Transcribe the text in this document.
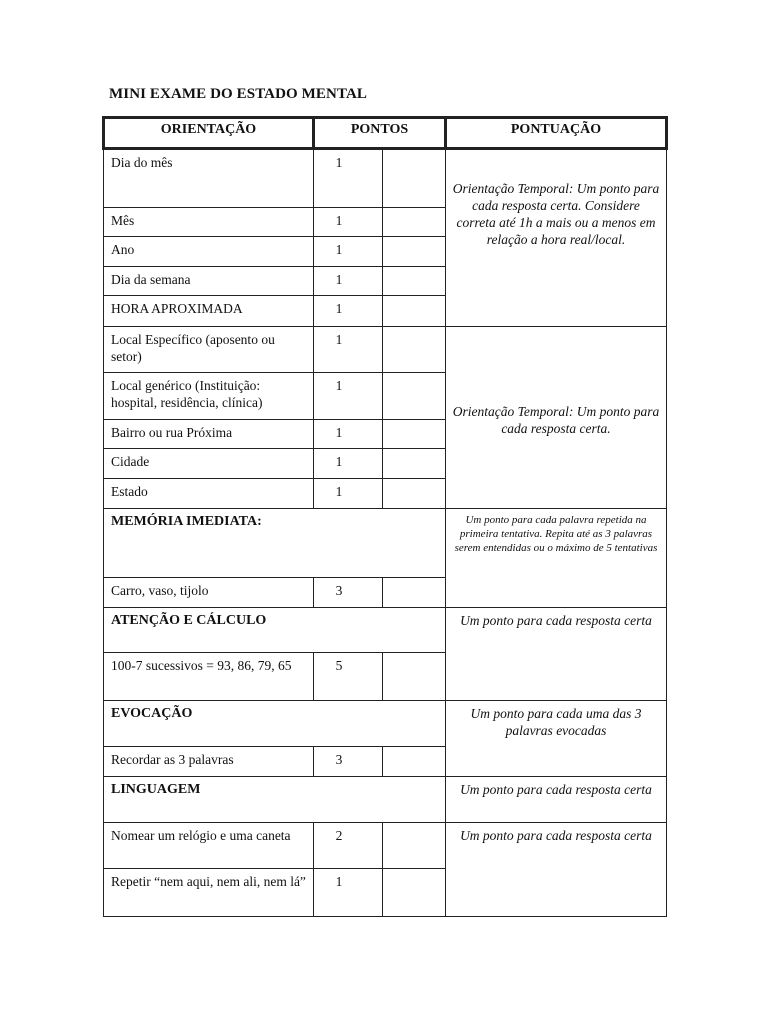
MINI EXAME DO ESTADO MENTAL
ORIENTAÇÃO	PONTOS		PONTUAÇÃO
Dia do mês	1		Orientação Temporal: Um ponto para cada resposta certa. Considere correta até 1h a mais ou a menos em relação a hora real/local.
Mês	1		
Ano	1		
Dia da semana	1		
HORA APROXIMADA	1		
Local Específico (aposento ou setor)	1		Orientação Temporal: Um ponto para cada resposta certa.
Local genérico (Instituição: hospital, residência, clínica)	1		
Bairro ou rua Próxima	1		
Cidade	1		
Estado	1		
MEMÓRIA IMEDIATA:			Um ponto para cada palavra repetida na primeira tentativa. Repita até as 3 palavras serem entendidas ou o máximo de 5 tentativas
Carro, vaso, tijolo	3		
ATENÇÃO E CÁLCULO			Um ponto para cada resposta certa
100-7 sucessivos = 93, 86, 79, 65	5		
EVOCAÇÃO			Um ponto para cada uma das 3 palavras evocadas
Recordar as 3 palavras	3		
LINGUAGEM			Um ponto para cada resposta certa
Nomear um relógio e uma caneta	2		Um ponto para cada resposta certa
Repetir “nem aqui, nem ali, nem lá”	1		
